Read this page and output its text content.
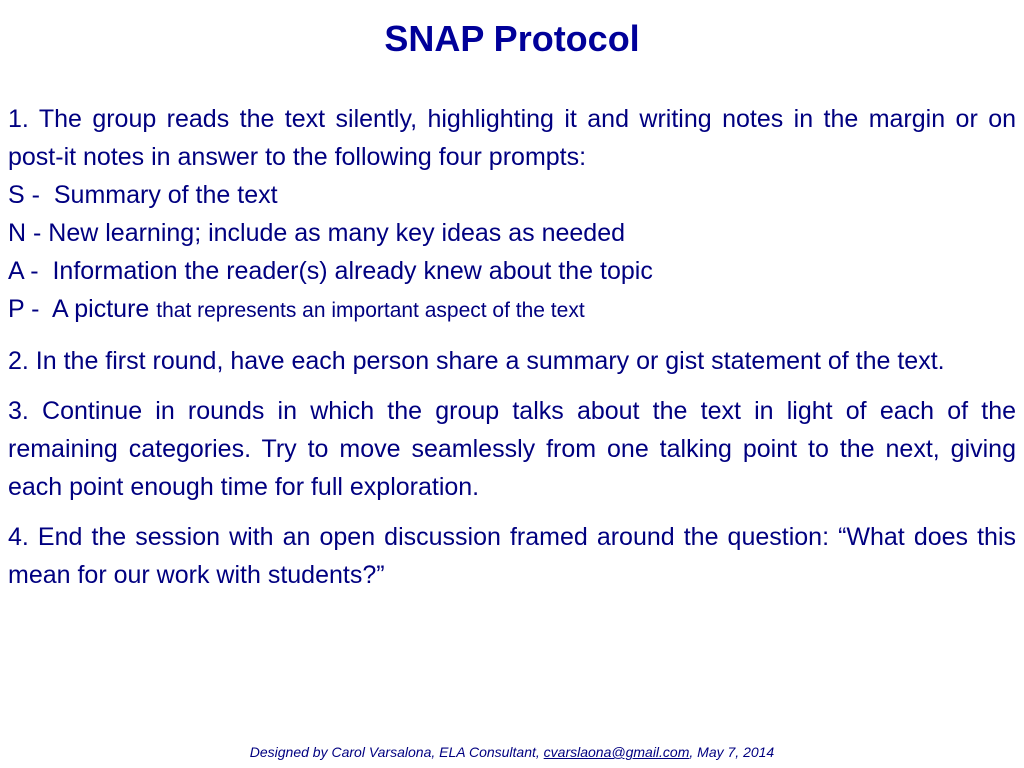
SNAP Protocol

1. The group reads the text silently, highlighting it and writing notes in the margin or on post-it notes in answer to the following four prompts:

S - Summary of the text
N - New learning; include as many key ideas as needed
A - Information the reader(s) already knew about the topic
P - A picture that represents an important aspect of the text

2. In the first round, have each person share a summary or gist statement of the text.

3. Continue in rounds in which the group talks about the text in light of each of the remaining categories. Try to move seamlessly from one talking point to the next, giving each point enough time for full exploration.

4. End the session with an open discussion framed around the question: “What does this mean for our work with students?”

Designed by Carol Varsalona, ELA Consultant, cvarslaona@gmail.com, May 7, 2014
